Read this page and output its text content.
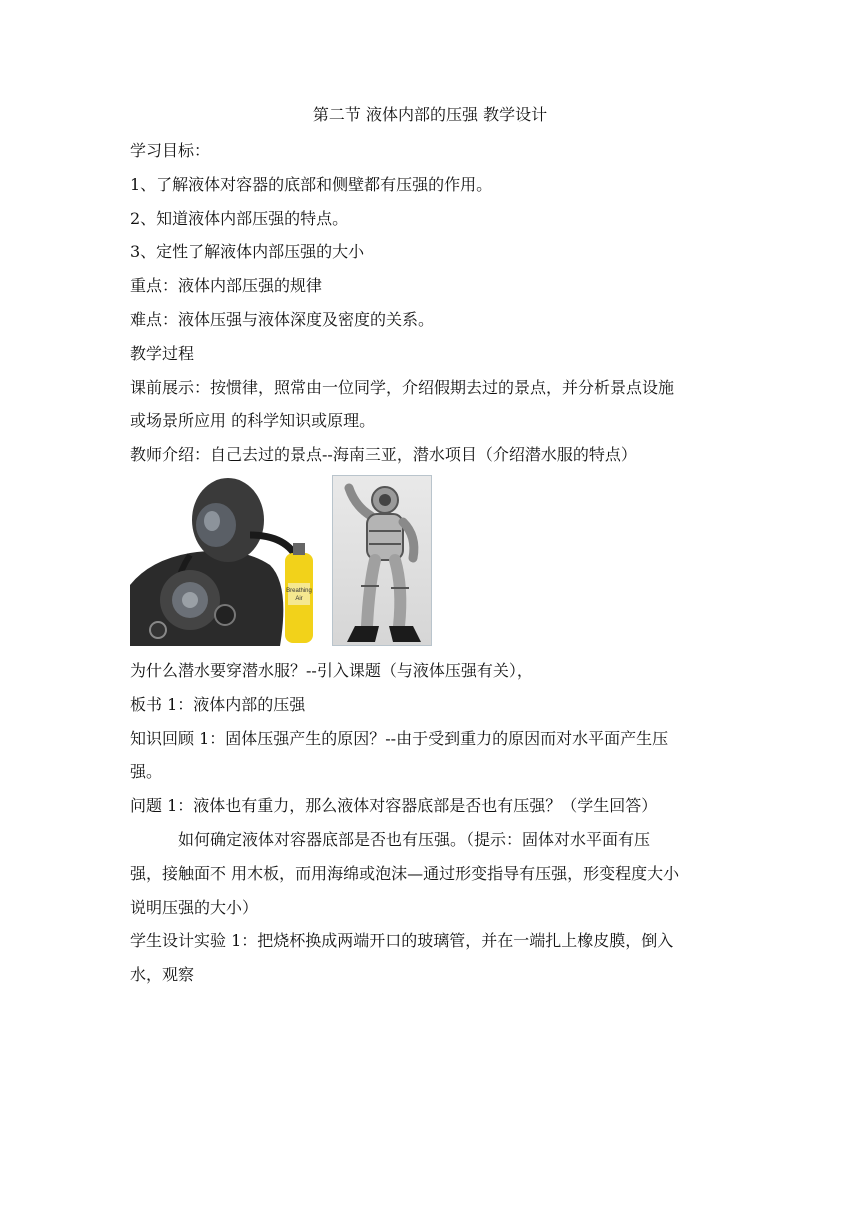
第二节 液体内部的压强 教学设计
学习目标：
1、了解液体对容器的底部和侧壁都有压强的作用。
2、知道液体内部压强的特点。
3、定性了解液体内部压强的大小
重点：液体内部压强的规律
难点：液体压强与液体深度及密度的关系。
教学过程
课前展示：按惯律，照常由一位同学，介绍假期去过的景点，并分析景点设施
或场景所应用 的科学知识或原理。
教师介绍：自己去过的景点--海南三亚，潜水项目（介绍潜水服的特点）
Breathing
Air
为什么潜水要穿潜水服？--引入课题（与液体压强有关），
板书 1：液体内部的压强
知识回顾 1：固体压强产生的原因？--由于受到重力的原因而对水平面产生压
强。
问题 1：液体也有重力，那么液体对容器底部是否也有压强？（学生回答）
　　　如何确定液体对容器底部是否也有压强。（提示：固体对水平面有压
强，接触面不 用木板，而用海绵或泡沫—通过形变指导有压强，形变程度大小
说明压强的大小）
学生设计实验 1：把烧杯换成两端开口的玻璃管，并在一端扎上橡皮膜，倒入
水，观察
